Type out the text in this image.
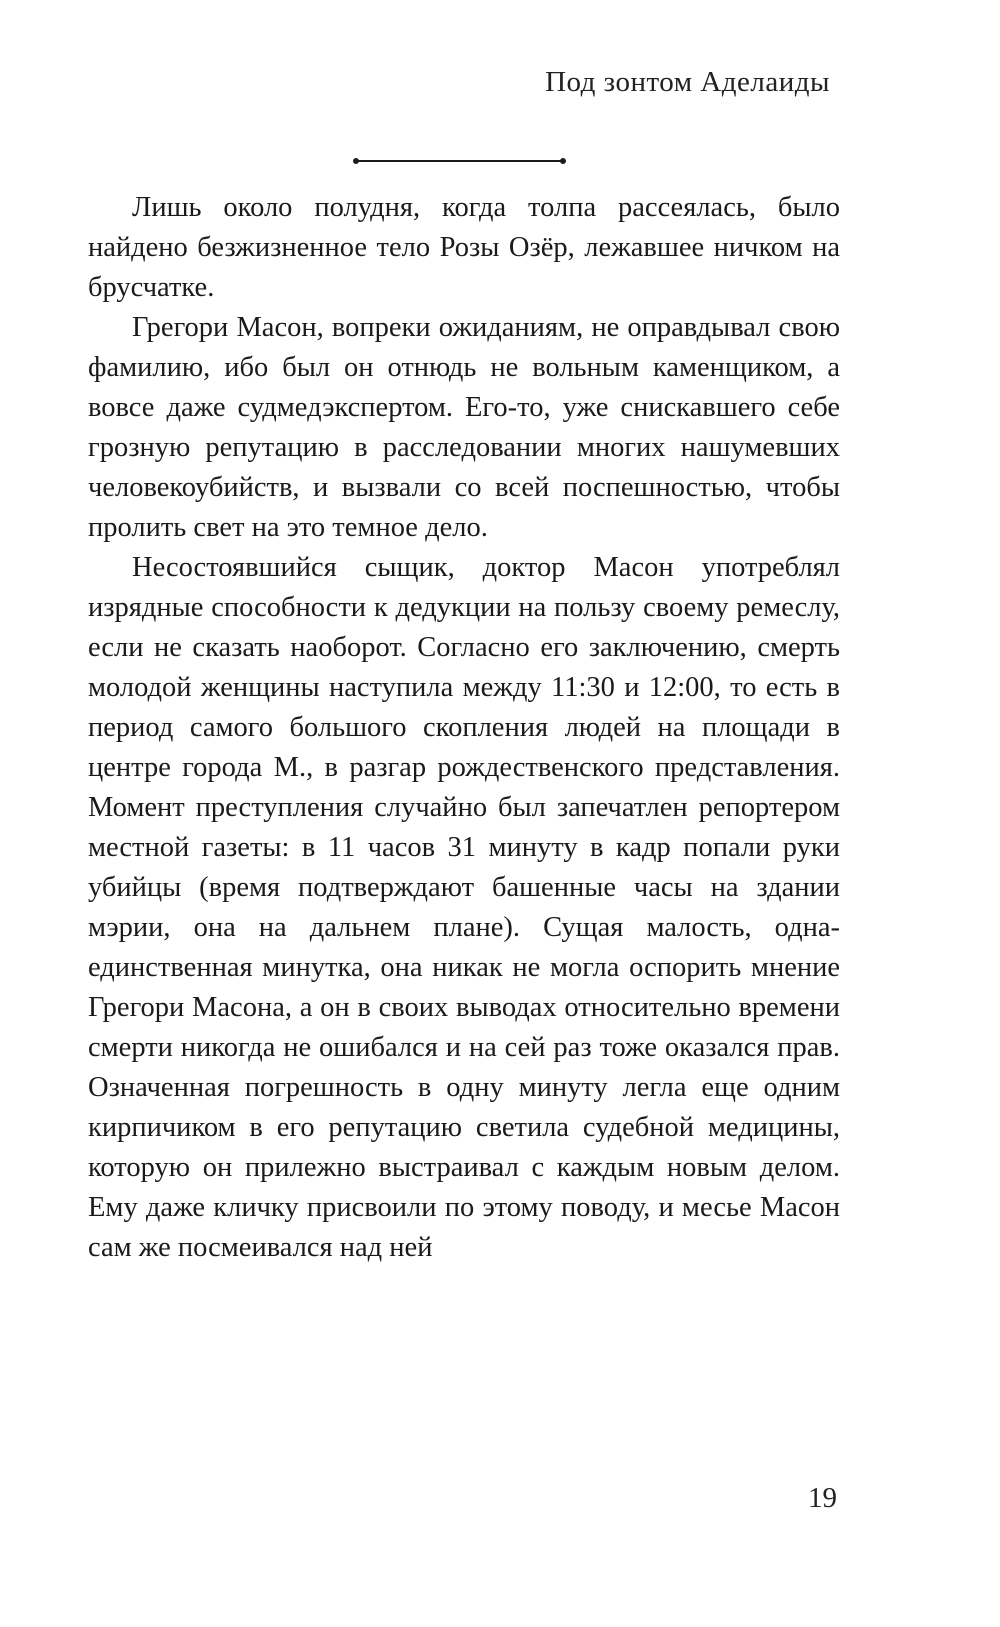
Под зонтом Аделаиды

Лишь около полудня, когда толпа рассеялась, было найдено безжизненное тело Розы Озёр, лежавшее ничком на брусчатке.

Грегори Масон, вопреки ожиданиям, не оправдывал свою фамилию, ибо был он отнюдь не вольным каменщиком, а вовсе даже судмедэкспертом. Его-то, уже снискавшего себе грозную репутацию в расследовании многих нашумевших человекоубийств, и вызвали со всей поспешностью, чтобы пролить свет на это темное дело.

Несостоявшийся сыщик, доктор Масон употреблял изрядные способности к дедукции на пользу своему ремеслу, если не сказать наоборот. Согласно его заключению, смерть молодой женщины наступила между 11:30 и 12:00, то есть в период самого большого скопления людей на площади в центре города М., в разгар рождественского представления. Момент преступления случайно был запечатлен репортером местной газеты: в 11 часов 31 минуту в кадр попали руки убийцы (время подтверждают башенные часы на здании мэрии, она на дальнем плане). Сущая малость, одна-единственная минутка, она никак не могла оспорить мнение Грегори Масона, а он в своих выводах относительно времени смерти никогда не ошибался и на сей раз тоже оказался прав. Означенная погрешность в одну минуту легла еще одним кирпичиком в его репутацию светила судебной медицины, которую он прилежно выстраивал с каждым новым делом. Ему даже кличку присвоили по этому поводу, и месье Масон сам же посмеивался над ней

19
